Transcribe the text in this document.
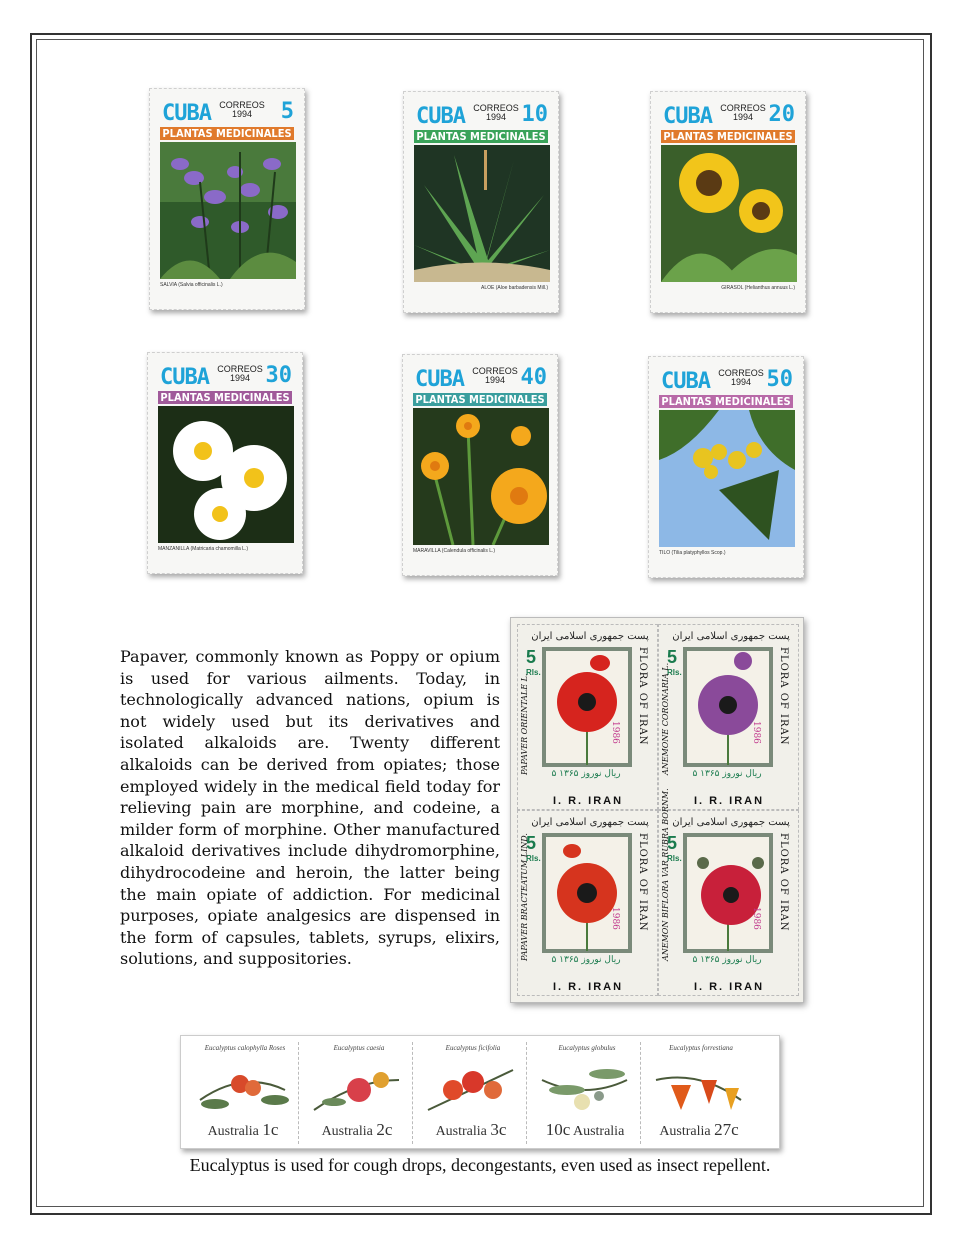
CUBA CORREOS
1994	5
PLANTAS MEDICINALES
SALVIA (Salvia officinalis L.)
CUBA CORREOS
1994 10
PLANTAS MEDICINALES
ALOE (Aloe barbadensis Mill.)
CUBA CORREOS
1994 20
PLANTAS MEDICINALES
GIRASOL (Helianthus annuus L.)
CUBA CORREOS
1994 30
PLANTAS MEDICINALES
MANZANILLA (Matricaria chamomilla L.)
CUBA CORREOS
1994 40
PLANTAS MEDICINALES
MARAVILLA (Calendula officinalis L.)
CUBA CORREOS
1994 50
PLANTAS MEDICINALES
TILO (Tilia platyphyllos Scop.)
Papaver, commonly known as Poppy or opium is used for various ailments. Today, in technologically advanced nations, opium is not widely used but its derivatives and isolated alkaloids are. Twenty different alkaloids can be derived from opiates; those employed widely in the medical field today for relieving pain are morphine, and codeine, a milder form of morphine. Other manufactured alkaloid derivatives include dihydromorphine, dihydrocodeine and heroin, the latter being the main opiate of addiction. For medicinal purposes, opiate analgesics are dispensed in the form of capsules, tablets, syrups, elixirs, solutions, and suppositories.
پست جمهوری اسلامی ایران
5
Rls.
1986
PAPAVER ORIENTALE L.	FLORA OF IRAN
۵ ریال نوروز ۱۳۶۵
I. R. IRAN
پست جمهوری اسلامی ایران
5
Rls.
1986
ANEMONE CORONARIA L.	FLORA OF IRAN
۵ ریال نوروز ۱۳۶۵
I. R. IRAN
پست جمهوری اسلامی ایران
5
Rls.
1986
PAPAVER BRACTEATUM LIND.	FLORA OF IRAN
۵ ریال نوروز ۱۳۶۵
I. R. IRAN
پست جمهوری اسلامی ایران
5
Rls.
1986
ANEMON BIFLORA VAR RUBRA BORNM.	FLORA OF IRAN
۵ ریال نوروز ۱۳۶۵
I. R. IRAN
Eucalyptus calophylla Roses
Australia 1c
Eucalyptus caesia
Australia 2c
Eucalyptus ficifolia
Australia 3c
Eucalyptus globulus
10c Australia
Eucalyptus forrestiana
Australia 27c
Eucalyptus is used for cough drops, decongestants, even used as insect repellent.
